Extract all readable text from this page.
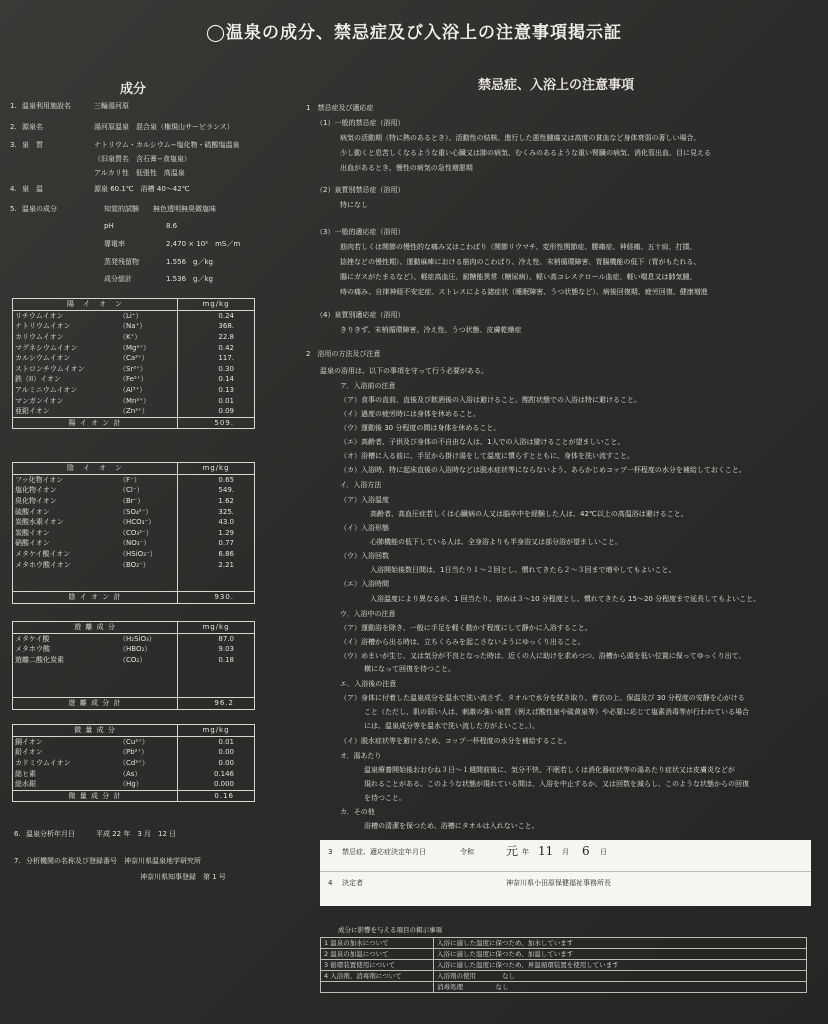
◯温泉の成分、禁忌症及び入浴上の注意事項掲示証
成分
1. 温泉利用施設名	三輪湯河原
2. 源泉名	湯河原温泉　混合泉（権現山サービランス）
3. 泉　質	ナトリウム・カルシウム−塩化物・硫酸塩温泉
（旧泉質名　含石膏−食塩泉）
アルカリ性　低張性　高温泉
4. 泉　温	源泉 60.1℃　浴槽 40〜42℃
5. 温泉の成分	知覚的試験　　無色透明無臭微塩味
pH	8.6
導電率	2,470 × 10²　mS／m
蒸発残留物	1.556　g／kg
成分総計	1.536　g／kg
陽　イ　オ　ン		mg/kg
リチウムイオン	（Li⁺）	0.24
ナトリウムイオン	（Na⁺）	368.
カリウムイオン	（K⁺）	22.8
マグネシウムイオン	（Mg²⁺）	0.42
カルシウムイオン	（Ca²⁺）	117.
ストロンチウムイオン	（Sr²⁺）	0.30
鉄（II）イオン	（Fe²⁺）	0.14
アルミニウムイオン	（Al³⁺）	0.13
マンガンイオン	（Mn²⁺）	0.01
亜鉛イオン	（Zn²⁺）	0.09
陽 イ オ ン 計		509.
陰　イ　オ　ン		mg/kg
フッ化物イオン	（F⁻）	0.65
塩化物イオン	（Cl⁻）	549.
臭化物イオン	（Br⁻）	1.62
硫酸イオン	（SO₄²⁻）	325.
炭酸水素イオン	（HCO₃⁻）	43.0
炭酸イオン	（CO₃²⁻）	1.29
硝酸イオン	（NO₃⁻）	0.77
メタケイ酸イオン	（HSiO₃⁻）	6.86
メタホウ酸イオン	（BO₂⁻）	2.21

陰 イ オ ン 計		930.
遊 離 成 分		mg/kg
メタケイ酸	（H₂SiO₃）	87.0
メタホウ酸	（HBO₂）	9.03
遊離二酸化炭素	（CO₂）	0.18

遊 離 成 分 計		96.2
微 量 成 分		mg/kg
銅イオン	（Cu²⁺）	0.01
鉛イオン	（Pb²⁺）	0.00
カドミウムイオン	（Cd²⁺）	0.00
総ヒ素	（As）	0.146
総水銀	（Hg）	0.000
微 量 成 分 計		0.16
6. 温泉分析年月日　　　平成 22 年　3 月　12 日
7. 分析機関の名称及び登録番号　神奈川県温泉地学研究所
神奈川県知事登録　第 1 号
禁忌症、入浴上の注意事項
1　禁忌症及び適応症
（1）一般的禁忌症（浴用）
病気の活動期（特に熱のあるとき）、活動性の結核、進行した悪性腫瘍又は高度の貧血など身体衰弱の著しい場合、
少し動くと息苦しくなるような重い心臓又は肺の病気、むくみのあるような重い腎臓の病気、消化管出血、目に見える
出血があるとき、慢性の病気の急性増悪期
（2）泉質別禁忌症（浴用）
特になし
（3）一般的適応症（浴用）
筋肉若しくは関節の慢性的な痛み又はこわばり（関節リウマチ、変形性関節症、腰痛症、神経痛、五十肩、打撲、
捻挫などの慢性期）、運動麻痺における筋肉のこわばり、冷え性、末梢循環障害、胃腸機能の低下（胃がもたれる、
腸にガスがたまるなど）、軽症高血圧、耐糖能異常（糖尿病）、軽い高コレステロール血症、軽い喘息又は肺気腫、
痔の痛み、自律神経不安定症、ストレスによる諸症状（睡眠障害、うつ状態など）、病後回復期、疲労回復、健康増進
（4）泉質別適応症（浴用）
きりきず、末梢循環障害、冷え性、うつ状態、皮膚乾燥症
2　浴用の方法及び注意
温泉の浴用は、以下の事項を守って行う必要がある。
ア．入浴前の注意
（ア）食事の直前、直後及び飲酒後の入浴は避けること。酩酊状態での入浴は特に避けること。
（イ）過度の疲労時には身体を休めること。
（ウ）運動後 30 分程度の間は身体を休めること。
（エ）高齢者、子供及び身体の不自由な人は、1人での入浴は避けることが望ましいこと。
（オ）浴槽に入る前に、手足から掛け湯をして温度に慣らすとともに、身体を洗い流すこと。
（カ）入浴時、特に起床直後の入浴時などは脱水症状等にならないよう、あらかじめコップ一杯程度の水分を補給しておくこと。
イ．入浴方法
（ア）入浴温度
高齢者、高血圧症若しくは心臓病の人又は脳卒中を経験した人は、42℃以上の高温浴は避けること。
（イ）入浴形態
心肺機能の低下している人は、全身浴よりも半身浴又は部分浴が望ましいこと。
（ウ）入浴回数
入浴開始後数日間は、1日当たり１〜２回とし、慣れてきたら２〜３回まで増やしてもよいこと。
（エ）入浴時間
入浴温度により異なるが、1 回当たり、初めは３〜10 分程度とし、慣れてきたら 15〜20 分程度まで延長してもよいこと。
ウ．入浴中の注意
（ア）運動浴を除き、一般に手足を軽く動かす程度にして静かに入浴すること。
（イ）浴槽から出る時は、立ちくらみを起こさないようにゆっくり出ること。
（ウ）めまいが生じ、又は気分が不良となった時は、近くの人に助けを求めつつ、浴槽から頭を低い位置に保ってゆっくり出て、
横になって回復を待つこと。
エ．入浴後の注意
（ア）身体に付着した温泉成分を温水で洗い流さず、タオルで水分を拭き取り、着衣の上、保温及び 30 分程度の安静を心がける
こと（ただし、肌の弱い人は、刺激の強い泉質（例えば酸性泉や硫黄泉等）や必要に応じて塩素消毒等が行われている場合
には、温泉成分等を温水で洗い流した方がよいこと。）。
（イ）脱水症状等を避けるため、コップ一杯程度の水分を補給すること。
オ．湯あたり
温泉療養開始後おおむね３日〜１週間前後に、気分不快、不眠若しくは消化器症状等の湯あたり症状又は皮膚炎などが
現れることがある。このような状態が現れている間は、入浴を中止するか、又は回数を減らし、このような状態からの回復
を待つこと。
カ．その他
浴槽の清潔を保つため、浴槽にタオルは入れないこと。
3 禁忌症、適応症決定年月日	令和	元 年 11 月 6 日
4 決定者	神奈川県小田原保健福祉事務所長
成分に影響を与える項目の掲示事項
1 温泉の加水について	入浴に適した温度に保つため、加水しています
2 温泉の加温について	入浴に適した温度に保つため、加温しています
3 循環装置使用について	入浴に適した温度に保つため、昇温循環装置を使用しています
4 入浴剤、消毒剤について	入浴剤の使用　　　　なし
	消毒処理　　　　　なし
